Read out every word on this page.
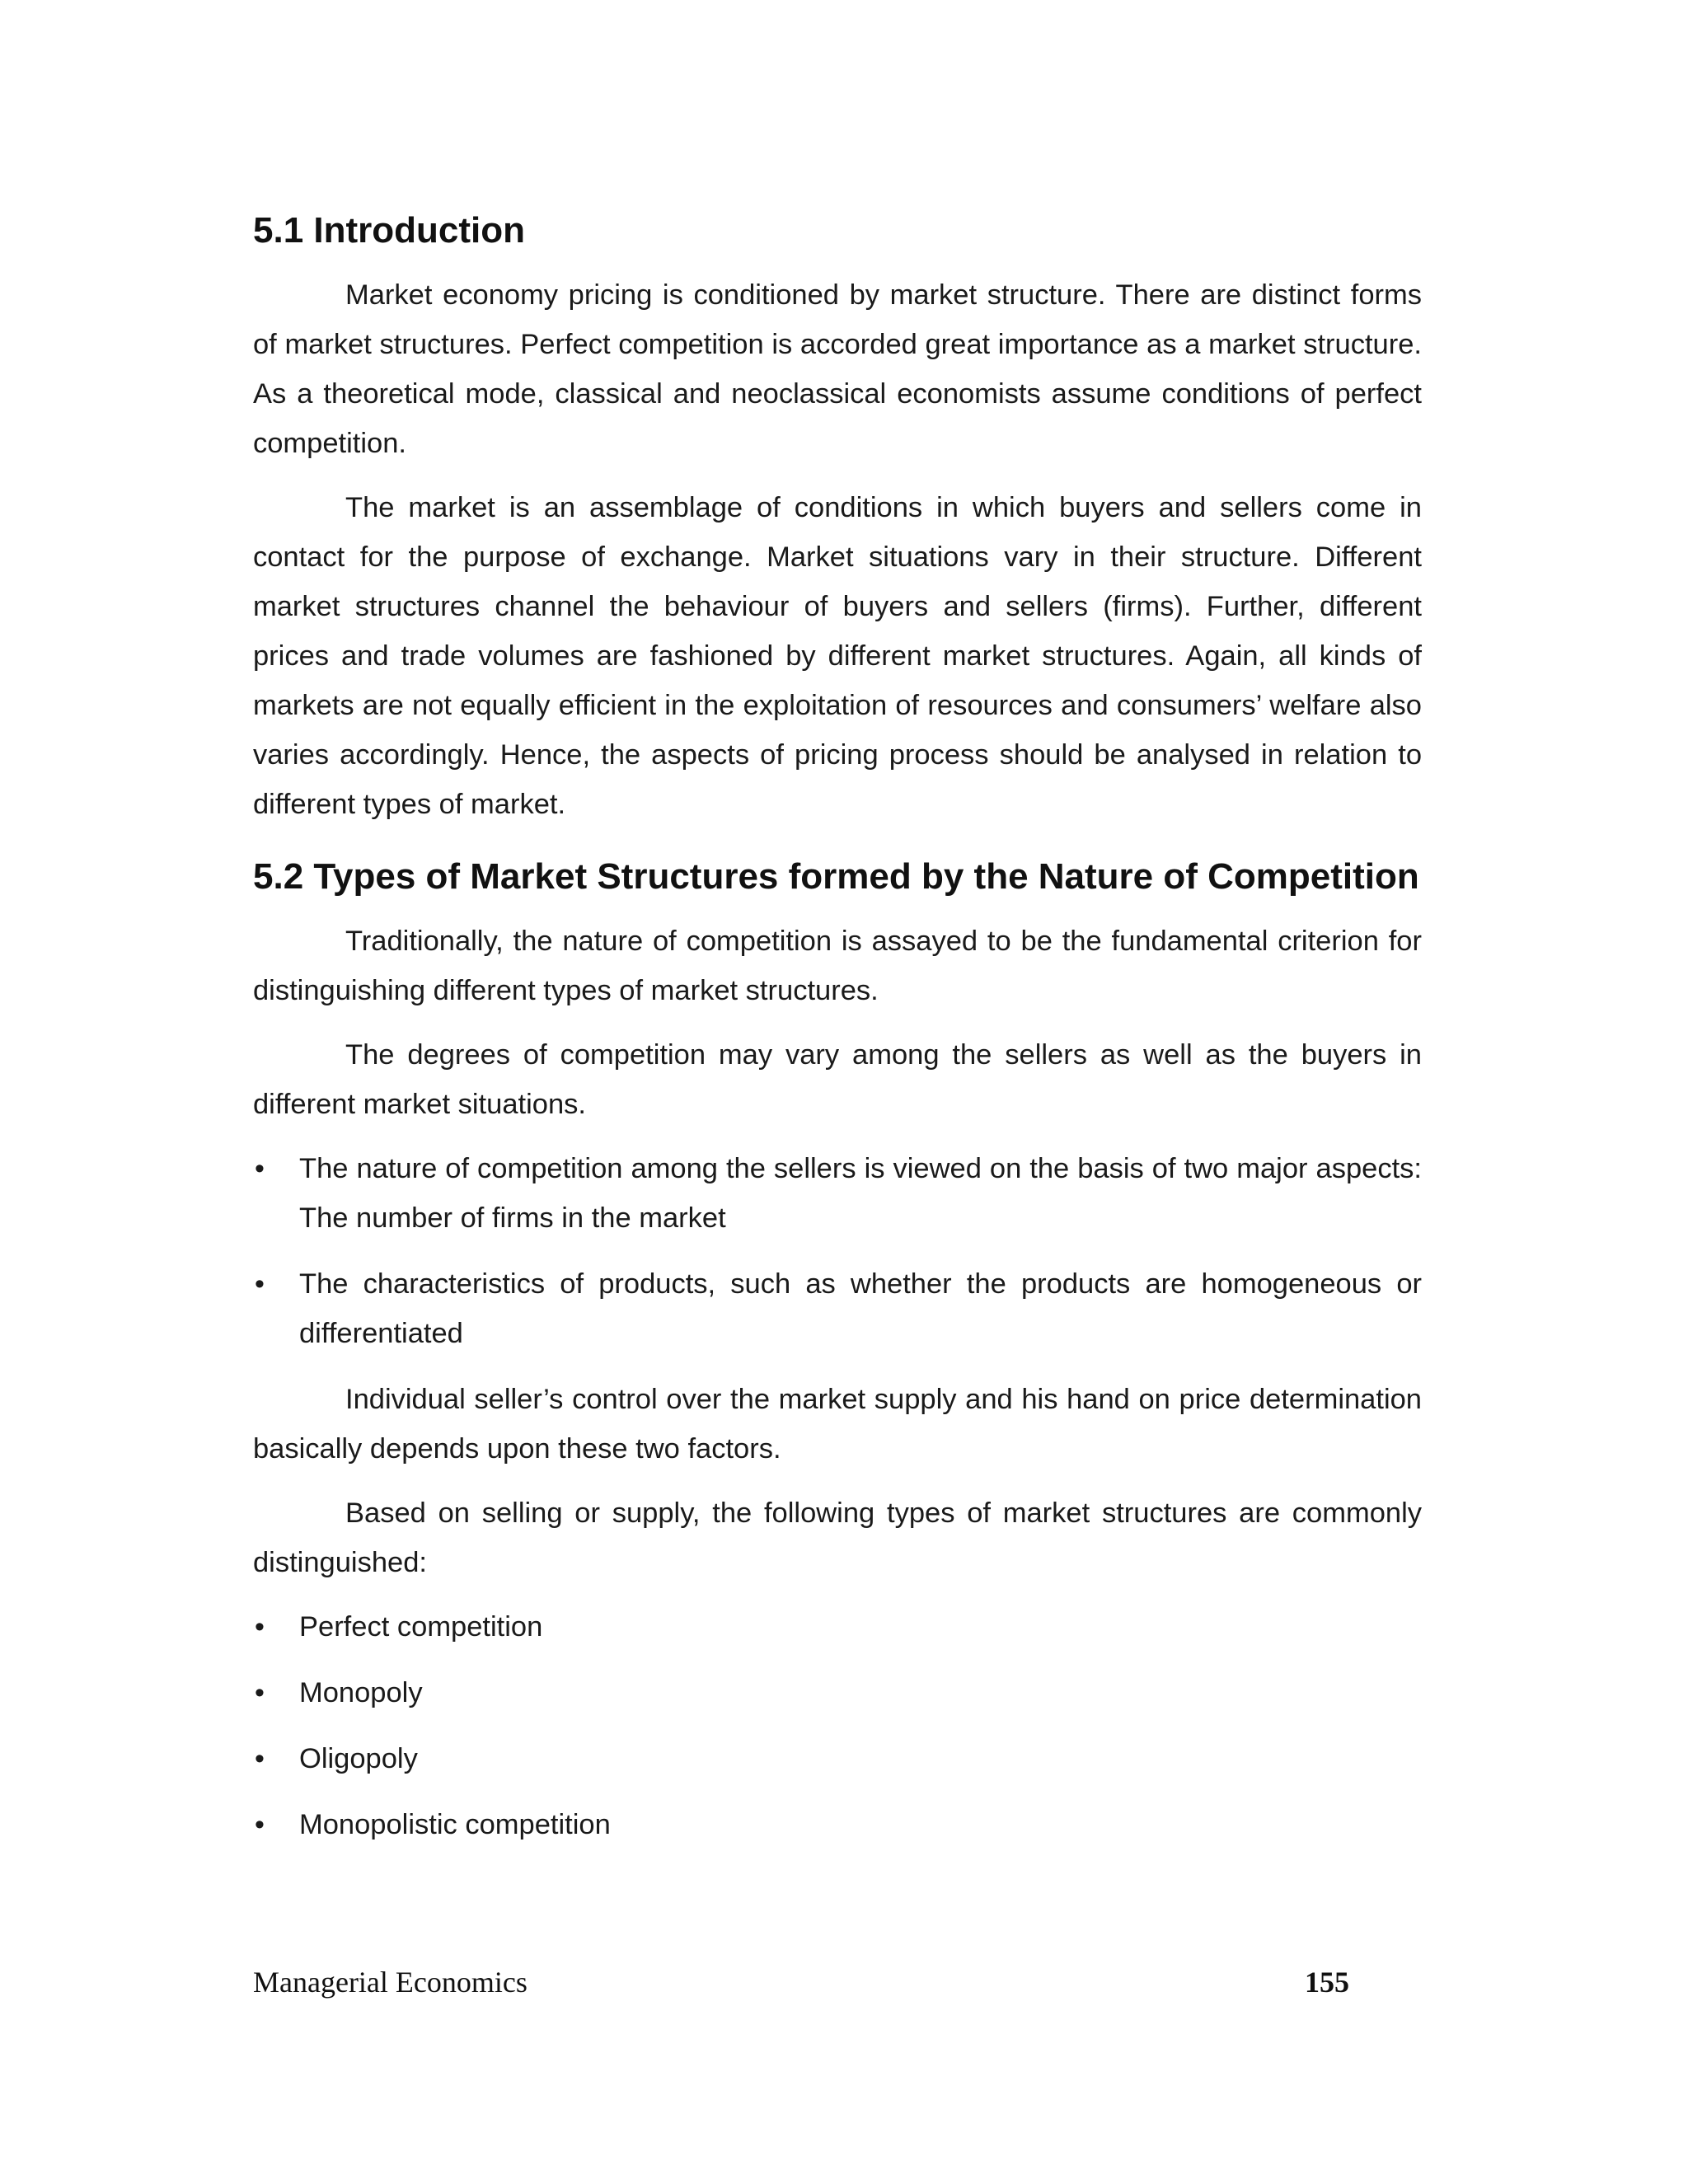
5.1 Introduction

Market economy pricing is conditioned by market structure. There are distinct forms of market structures. Perfect competition is accorded great importance as a market structure. As a theoretical mode, classical and neoclassical economists assume conditions of perfect competition.

The market is an assemblage of conditions in which buyers and sellers come in contact for the purpose of exchange. Market situations vary in their structure. Different market structures channel the behaviour of buyers and sellers (firms). Further, different prices and trade volumes are fashioned by different market structures. Again, all kinds of markets are not equally efficient in the exploitation of resources and consumers’ welfare also varies accordingly. Hence, the aspects of pricing process should be analysed in relation to different types of market.

5.2 Types of Market Structures formed by the Nature of Competition

Traditionally, the nature of competition is assayed to be the fundamental criterion for distinguishing different types of market structures.

The degrees of competition may vary among the sellers as well as the buyers in different market situations.

• The nature of competition among the sellers is viewed on the basis of two major aspects: The number of firms in the market
• The characteristics of products, such as whether the products are homogeneous or differentiated

Individual seller’s control over the market supply and his hand on price determination basically depends upon these two factors.

Based on selling or supply, the following types of market structures are commonly distinguished:

• Perfect competition
• Monopoly
• Oligopoly
• Monopolistic competition
Managerial Economics	155
